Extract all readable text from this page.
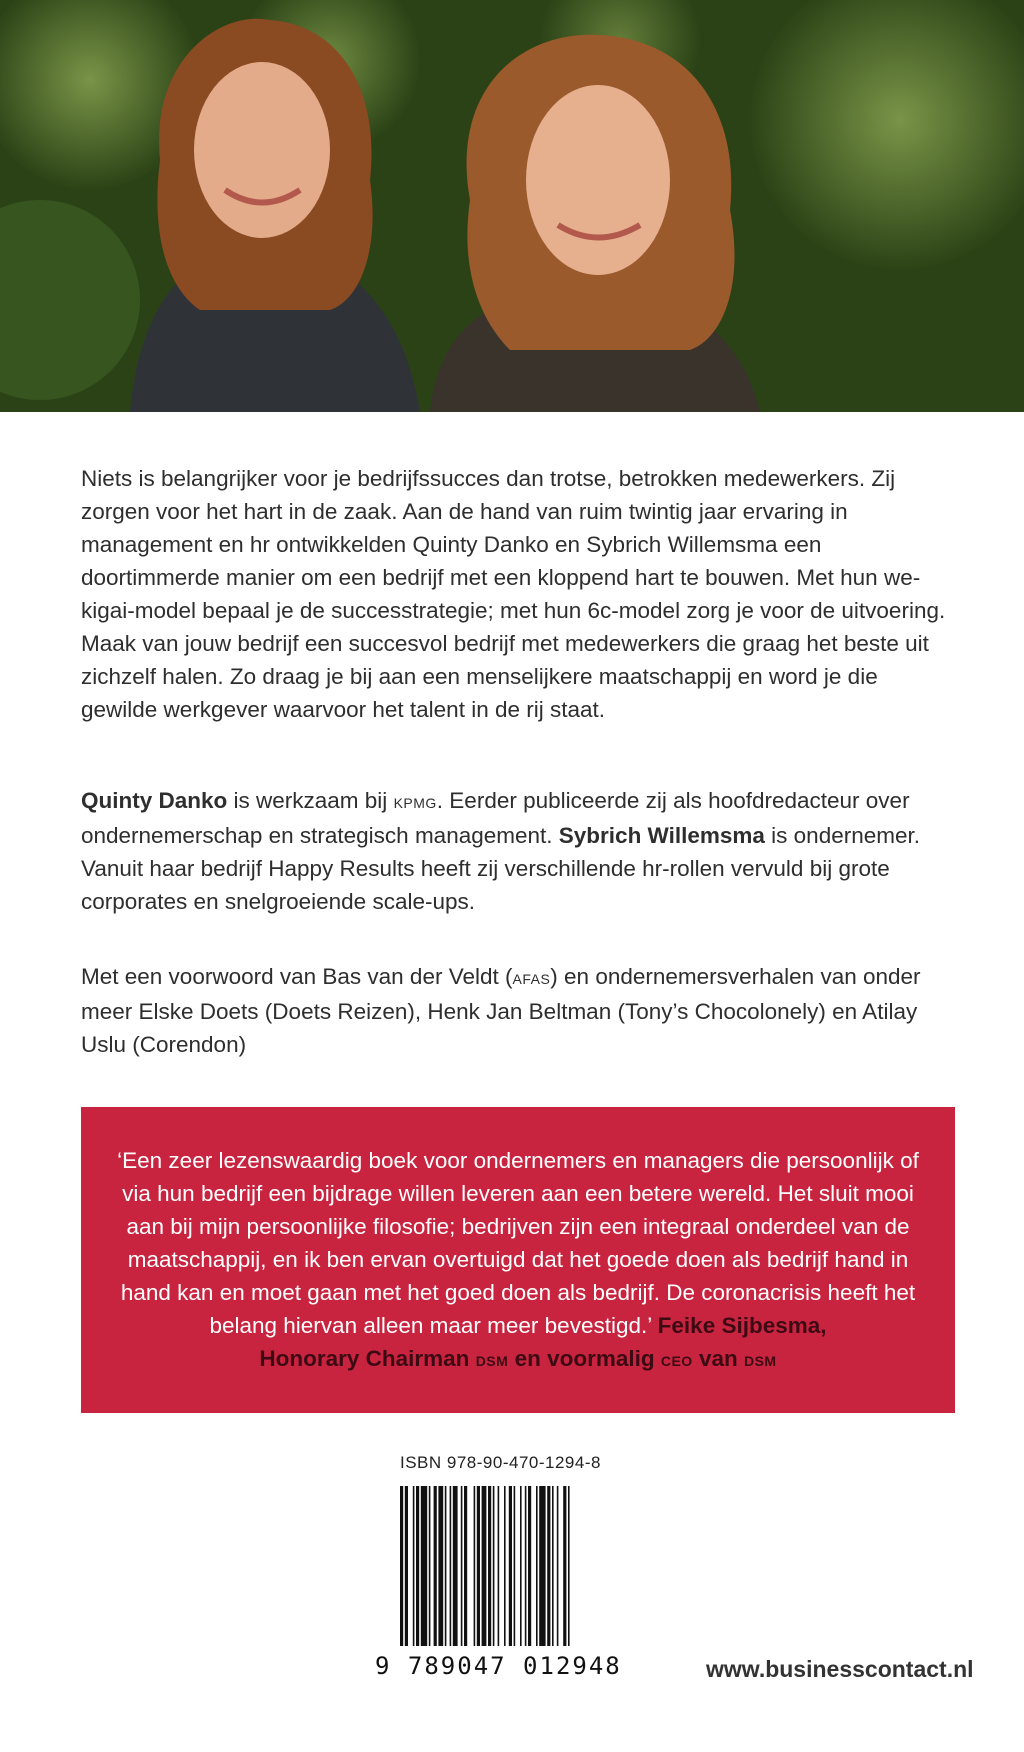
Niets is belangrijker voor je bedrijfssucces dan trotse, betrokken medewerkers. Zij zorgen voor het hart in de zaak. Aan de hand van ruim twintig jaar ervaring in management en hr ontwikkelden Quinty Danko en Sybrich Willemsma een doortimmerde manier om een bedrijf met een kloppend hart te bouwen. Met hun we-kigai-model bepaal je de successtrategie; met hun 6c-model zorg je voor de uitvoering. Maak van jouw bedrijf een succesvol bedrijf met medewerkers die graag het beste uit zichzelf halen. Zo draag je bij aan een menselijkere maatschappij en word je die gewilde werkgever waarvoor het talent in de rij staat.

Quinty Danko is werkzaam bij kpmg. Eerder publiceerde zij als hoofdredacteur over ondernemerschap en strategisch management. Sybrich Willemsma is ondernemer. Vanuit haar bedrijf Happy Results heeft zij verschillende hr-rollen vervuld bij grote corporates en snelgroeiende scale-ups.

Met een voorwoord van Bas van der Veldt (afas) en ondernemersverhalen van onder meer Elske Doets (Doets Reizen), Henk Jan Beltman (Tony’s Chocolonely) en Atilay Uslu (Corendon)

‘Een zeer lezenswaardig boek voor ondernemers en managers die persoonlijk of via hun bedrijf een bijdrage willen leveren aan een betere wereld. Het sluit mooi aan bij mijn persoonlijke filosofie; bedrijven zijn een integraal onderdeel van de maatschappij, en ik ben ervan overtuigd dat het goede doen als bedrijf hand in hand kan en moet gaan met het goed doen als bedrijf. De coronacrisis heeft het belang hiervan alleen maar meer bevestigd.’ Feike Sijbesma,
Honorary Chairman dsm en voormalig ceo van dsm
ISBN 978-90-470-1294-8
9 789047 012948	www.businesscontact.nl
